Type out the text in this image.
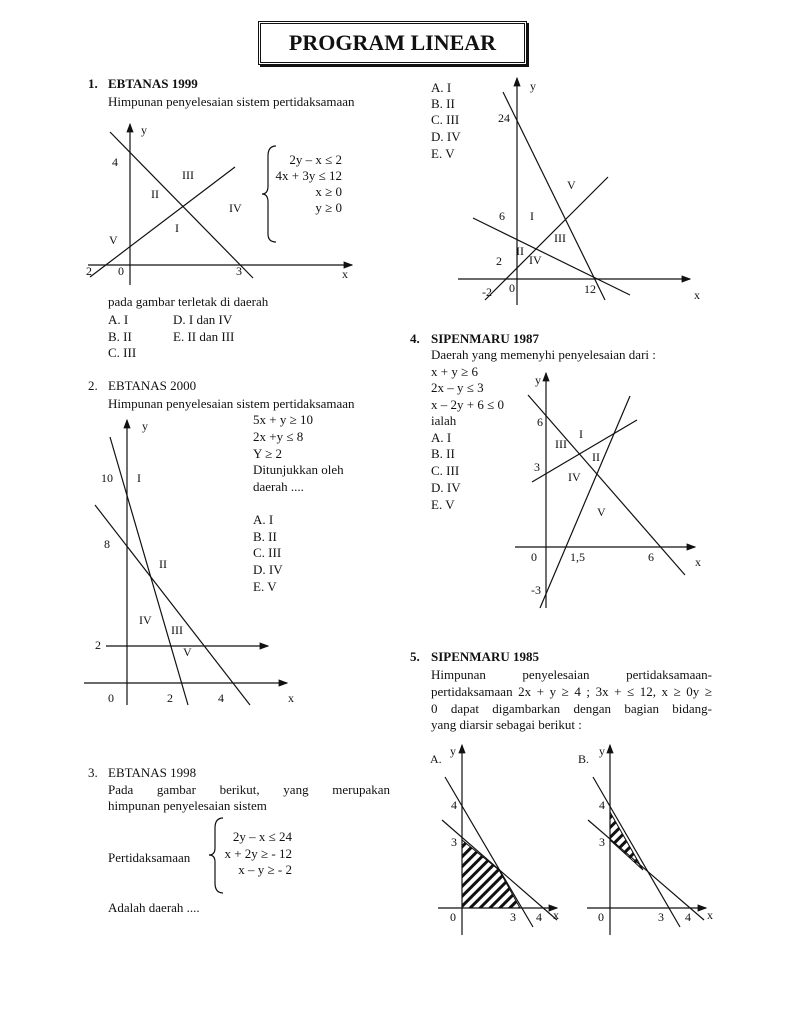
PROGRAM LINEAR
1. EBTANAS 1999
Himpunan penyelesaian sistem pertidaksamaan
2y – x ≤ 2
4x + 3y ≤ 12
x ≥ 0
y ≥ 0
pada gambar terletak di daerah
A. I
B. II
C. III
D. I dan IV
E. II dan III
2. EBTANAS 2000
Himpunan penyelesaian sistem pertidaksamaan
5x + y ≥ 10
2x +y ≤ 8
Y ≥ 2
Ditunjukkan oleh
daerah ....
A. I
B. II
C. III
D. IV
E. V
3. EBTANAS 1998
Pada gambar berikut, yang merupakan
himpunan penyelesaian sistem
Pertidaksamaan
2y – x ≤ 24
x + 2y ≥ - 12
x – y ≥ - 2
Adalah daerah ....
A. I
B. II
C. III
D. IV
E. V
4. SIPENMARU 1987
Daerah yang memenyhi penyelesaian dari :
x + y ≥ 6
2x – y ≤ 3
x – 2y + 6 ≤ 0
ialah
A. I
B. II
C. III
D. IV
E. V
5. SIPENMARU 1985
Himpunan penyelesaian pertidaksamaan-
pertidaksamaan 2x + y ≥ 4 ; 3x + ≤ 12, x ≥ 0y ≥
0 dapat digambarkan dengan bagian bidang-
yang diarsir sebagai berikut :
y
4
III
II
IV
I
V
2 0	3	x
y
10 I
8
II
IV
III
2	V
0	2	4	x
y
24
V
6 I
III
II
IV
2
-2 0	12	x
y
6
I
III
II
3
IV
V
0	1,5	6	x
-3
A.
y
4
3
0	3 4 x
B.
y
4
3
0	3 4 x
